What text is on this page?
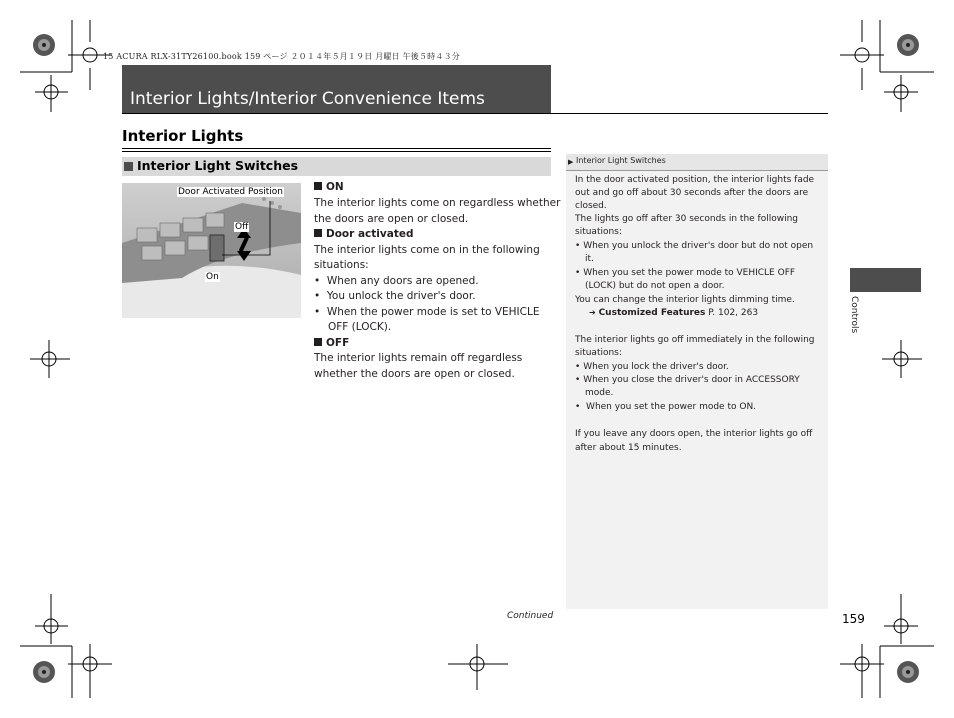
15 ACURA RLX-31TY26100.book 159 ページ ２０１４年５月１９日 月曜日 午後５時４３分
Interior Lights/Interior Convenience Items
Interior Lights
Interior Light Switches
Door Activated Position
Off
On
ON
The interior lights come on regardless whether
the doors are open or closed.
Door activated
The interior lights come on in the following
situations:
• When any doors are opened.
• You unlock the driver's door.
• When the power mode is set to VEHICLE
OFF (LOCK).
OFF
The interior lights remain off regardless
whether the doors are open or closed.
▶ Interior Light Switches
In the door activated position, the interior lights fade
out and go off about 30 seconds after the doors are
closed.
The lights go off after 30 seconds in the following
situations:
• When you unlock the driver's door but do not open
it.
• When you set the power mode to VEHICLE OFF
(LOCK) but do not open a door.
You can change the interior lights dimming time.
➔ Customized Features P. 102, 263
The interior lights go off immediately in the following
situations:
• When you lock the driver's door.
• When you close the driver's door in ACCESSORY
mode.
• When you set the power mode to ON.
If you leave any doors open, the interior lights go off
after about 15 minutes.
Controls
Continued	159
